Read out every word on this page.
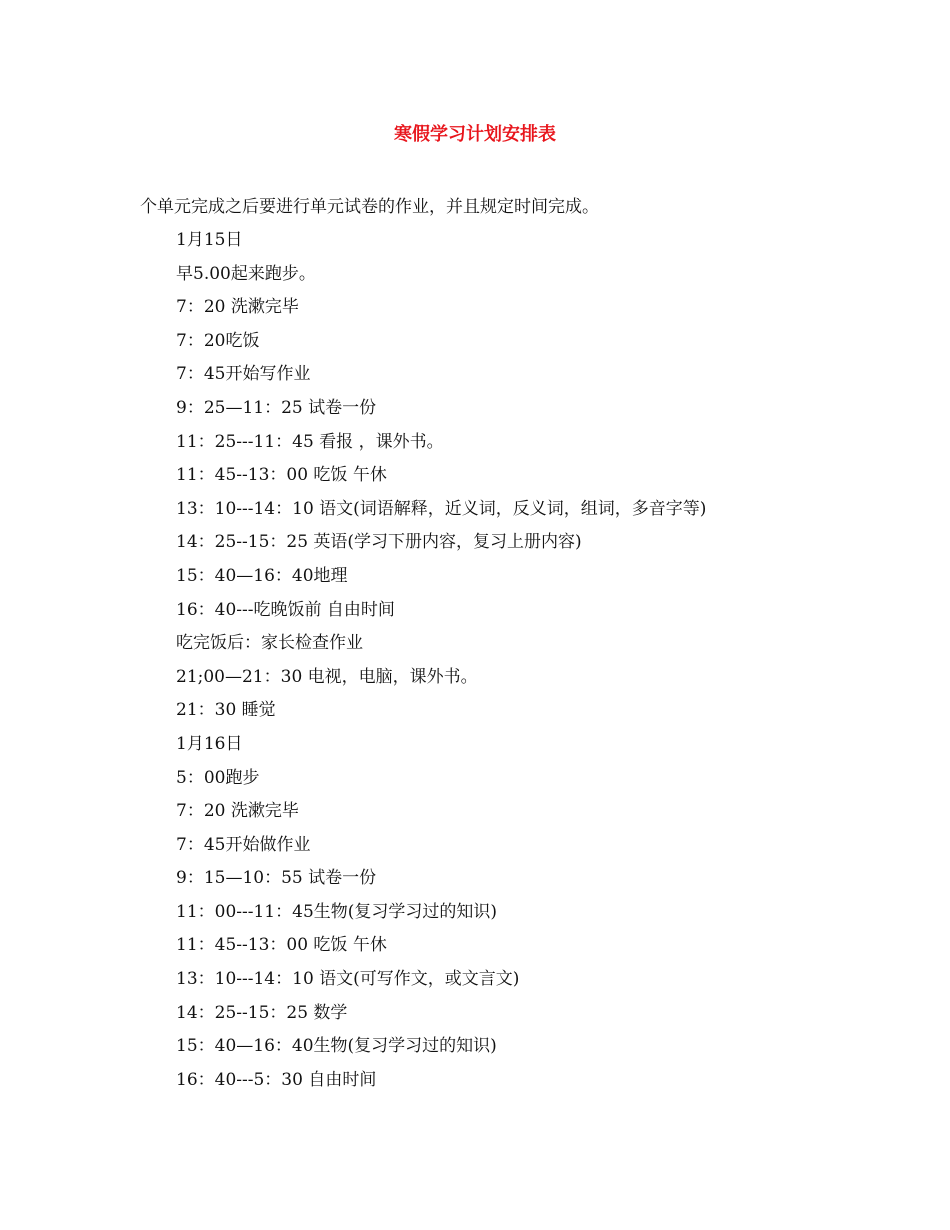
寒假学习计划安排表
个单元完成之后要进行单元试卷的作业，并且规定时间完成。
1月15日
早5.00起来跑步。
7：20 洗漱完毕
7：20吃饭
7：45开始写作业
9：25—11：25 试卷一份
11：25---11：45 看报 ，课外书。
11：45--13：00 吃饭 午休
13：10---14：10 语文(词语解释，近义词，反义词，组词，多音字等)
14：25--15：25 英语(学习下册内容，复习上册内容)
15：40—16：40地理
16：40---吃晚饭前 自由时间
吃完饭后：家长检查作业
21;00—21：30 电视，电脑，课外书。
21：30 睡觉
1月16日
5：00跑步
7：20 洗漱完毕
7：45开始做作业
9：15—10：55 试卷一份
11：00---11：45生物(复习学习过的知识)
11：45--13：00 吃饭 午休
13：10---14：10 语文(可写作文，或文言文)
14：25--15：25 数学
15：40—16：40生物(复习学习过的知识)
16：40---5：30 自由时间
